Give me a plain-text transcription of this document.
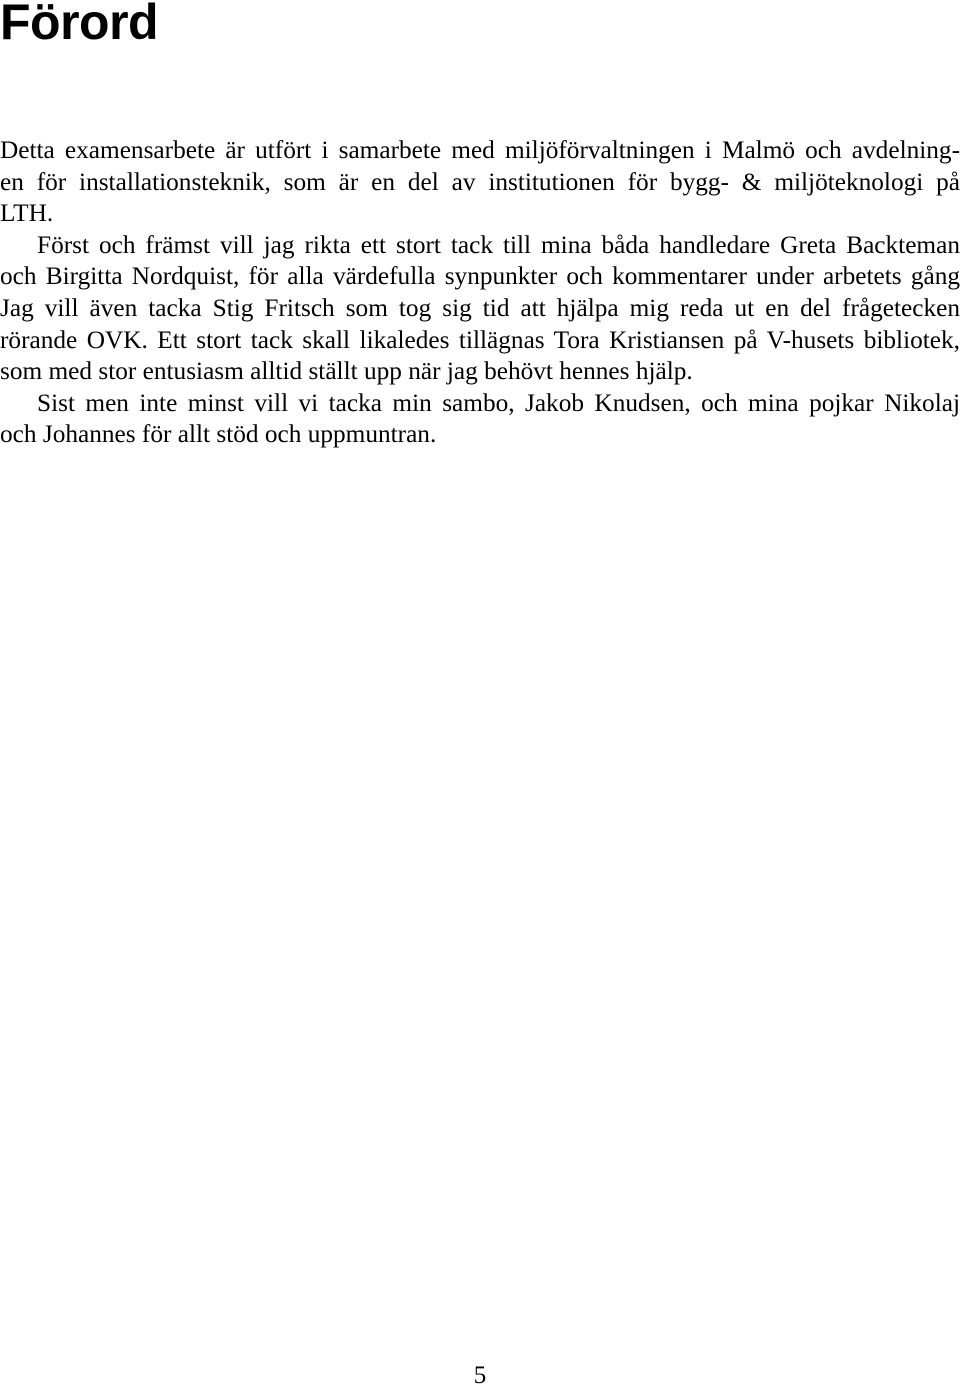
Förord

Detta examensarbete är utfört i samarbete med miljöförvaltningen i Malmö och avdelning-
en för installationsteknik, som är en del av institutionen för bygg- & miljöteknologi på
LTH.

Först och främst vill jag rikta ett stort tack till mina båda handledare Greta Backteman
och Birgitta Nordquist, för alla värdefulla synpunkter och kommentarer under arbetets gång
Jag vill även tacka Stig Fritsch som tog sig tid att hjälpa mig reda ut en del frågetecken
rörande OVK. Ett stort tack skall likaledes tillägnas Tora Kristiansen på V-husets bibliotek,
som med stor entusiasm alltid ställt upp när jag behövt hennes hjälp.

Sist men inte minst vill vi tacka min sambo, Jakob Knudsen, och mina pojkar Nikolaj
och Johannes för allt stöd och uppmuntran.

5
